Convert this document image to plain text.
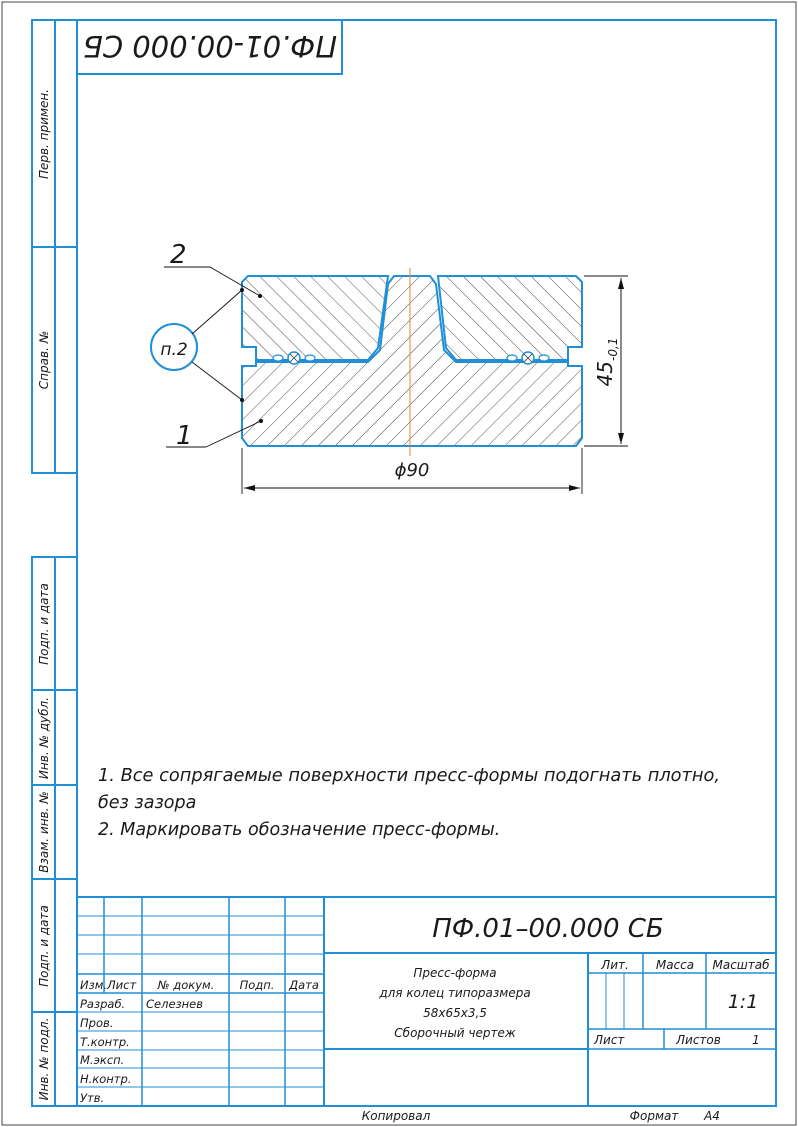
ПФ.01-00.000 СБ
Перв. примен.
Справ. №
Подп. и дата
Инв. № дубл.
Взам. инв. №
Подп. и дата
Инв. № подл.
2
1
п.2
ϕ90
$45_{-0,1}$
1. Все сопрягаемые поверхности пресс-формы подогнать плотно,
без зазора
2. Маркировать обозначение пресс-формы.
Изм. Лист № докум. Подп. Дата
Разраб. Селезнев
Пров.
Т.контр.
М.эксп.
Н.контр.
Утв.
ПФ.01–00.000 СБ
Пресс-форма
для колец типоразмера
58х65х3,5
Сборочный чертеж
Лит. Масса Масштаб
1:1
Лист	Листов	1
Копировал	Формат А4
